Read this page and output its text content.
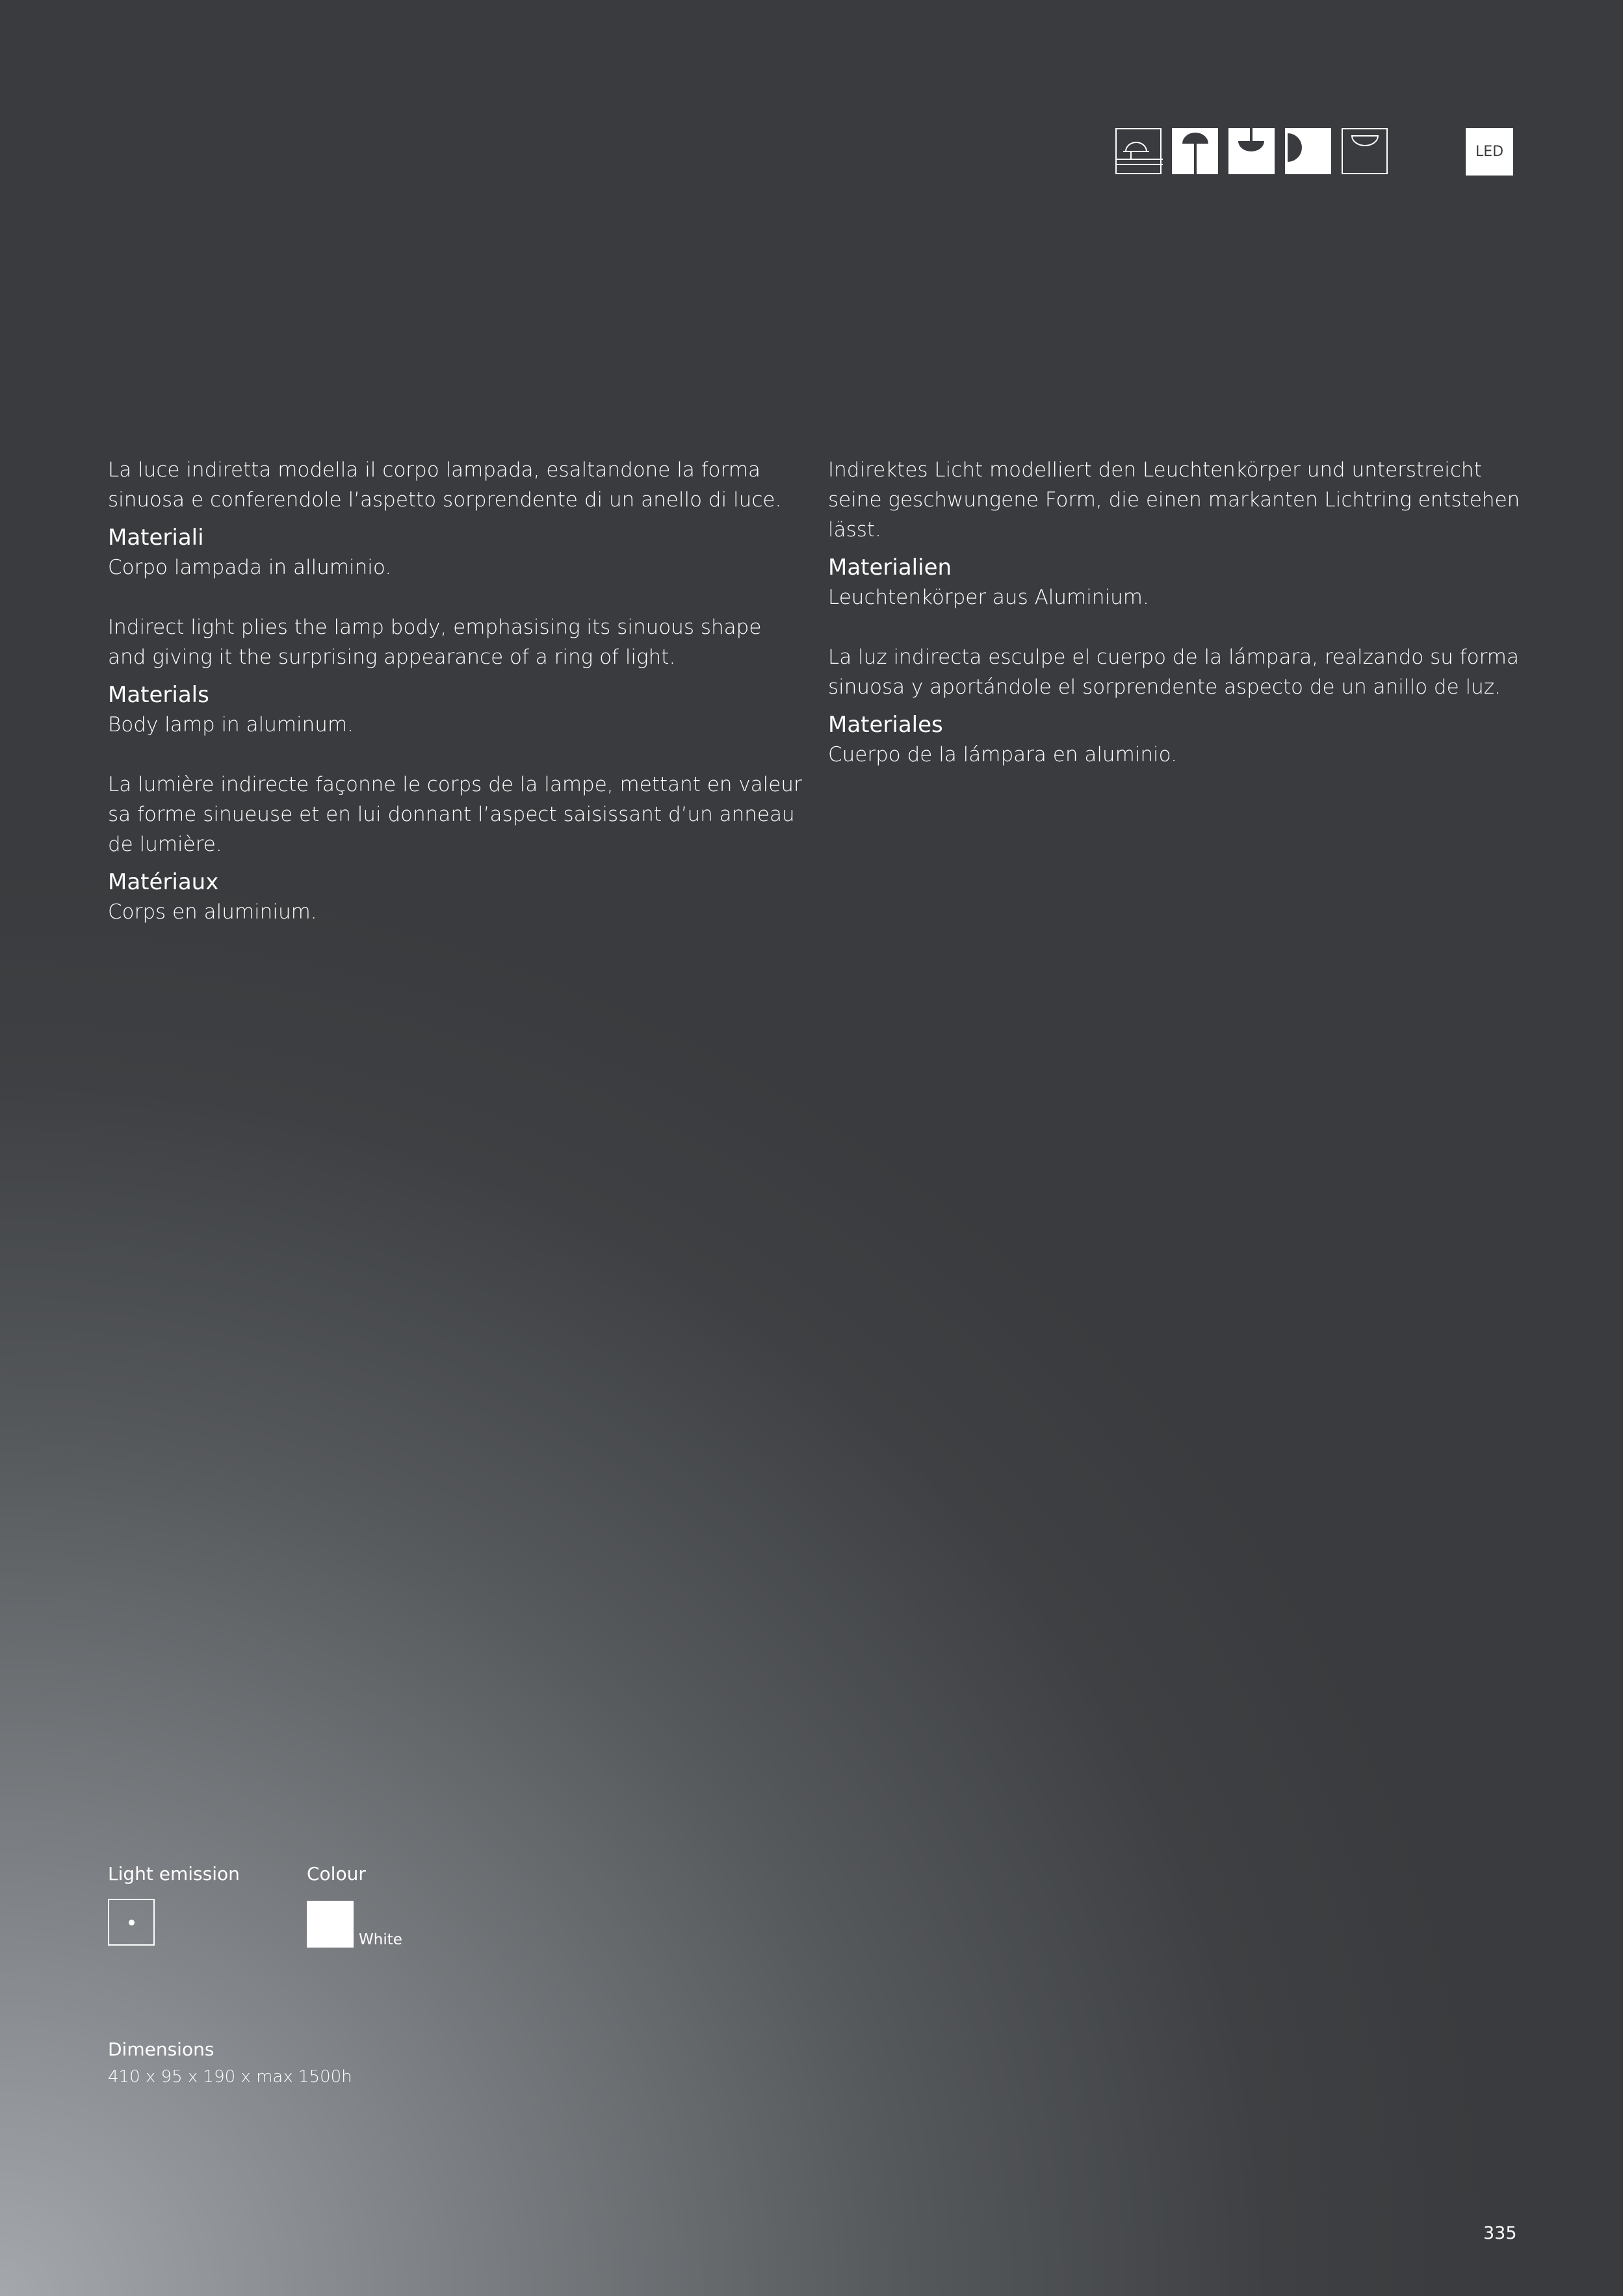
LED

La luce indiretta modella il corpo lampada, esaltandone la forma sinuosa e conferendole l’aspetto sorprendente di un anello di luce.

Materiali

Corpo lampada in alluminio.

Indirect light plies the lamp body, emphasising its sinuous shape and giving it the surprising appearance of a ring of light.

Materials

Body lamp in aluminum.

La lumière indirecte façonne le corps de la lampe, mettant en valeur sa forme sinueuse et en lui donnant l’aspect saisissant d’un anneau de lumière.

Matériaux

Corps en aluminium.

Indirektes Licht modelliert den Leuchtenkörper und unterstreicht seine geschwungene Form, die einen markanten Lichtring entstehen lässt.

Materialien

Leuchtenkörper aus Aluminium.

La luz indirecta esculpe el cuerpo de la lámpara, realzando su forma sinuosa y aportándole el sorprendente aspecto de un anillo de luz.

Materiales

Cuerpo de la lámpara en aluminio.

Light emission	Colour
White
Dimensions
410 x 95 x 190 x max 1500h
335
